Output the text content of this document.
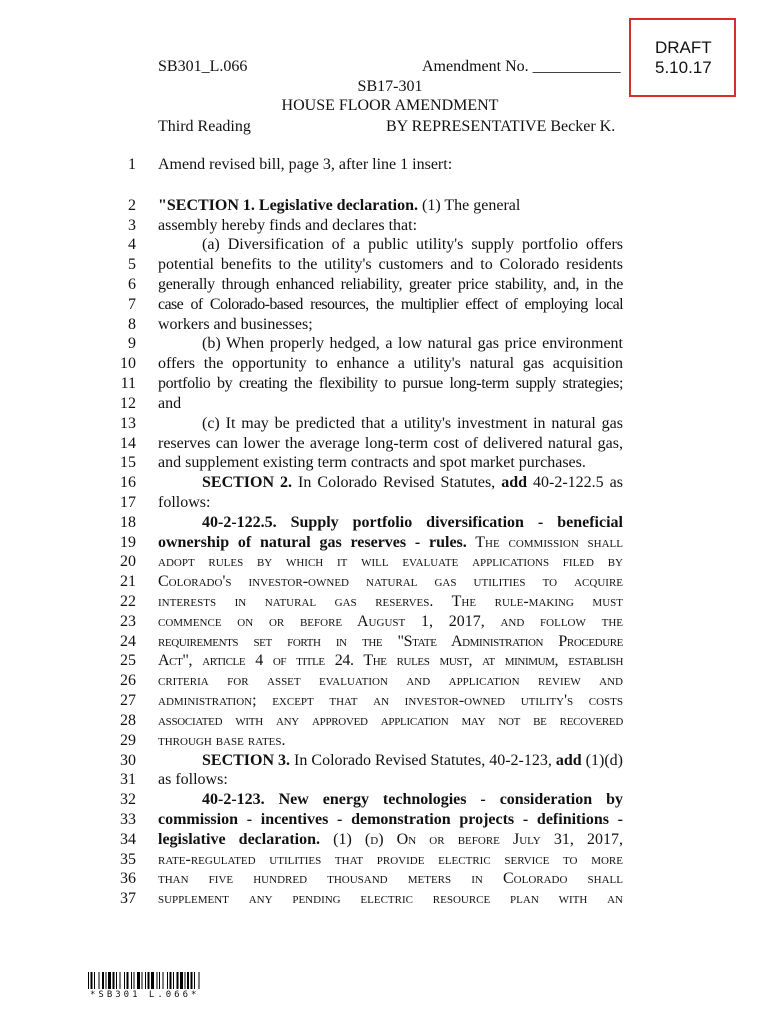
DRAFT
5.10.17
SB301_L.066	Amendment No. ___________
SB17-301
HOUSE FLOOR AMENDMENT
Third Reading	BY REPRESENTATIVE Becker K.
1
2
3
4
5
6
7
8
9
10
11
12
13
14
15
16
17
18
19
20
21
22
23
24
25
26
27
28
29
30
31
32
33
34
35
36
37
Amend revised bill, page 3, after line 1 insert:
"SECTION 1. Legislative declaration. (1) The general
assembly hereby finds and declares that:
(a) Diversification of a public utility's supply portfolio offers
potential benefits to the utility's customers and to Colorado residents
generally through enhanced reliability, greater price stability, and, in the
case of Colorado-based resources, the multiplier effect of employing local
workers and businesses;
(b) When properly hedged, a low natural gas price environment
offers the opportunity to enhance a utility's natural gas acquisition
portfolio by creating the flexibility to pursue long-term supply strategies;
and
(c) It may be predicted that a utility's investment in natural gas
reserves can lower the average long-term cost of delivered natural gas,
and supplement existing term contracts and spot market purchases.
SECTION 2. In Colorado Revised Statutes, add 40-2-122.5 as
follows:
40-2-122.5. Supply portfolio diversification - beneficial
ownership of natural gas reserves - rules. The commission shall
adopt rules by which it will evaluate applications filed by
Colorado's investor-owned natural gas utilities to acquire
interests in natural gas reserves. The rule-making must
commence on or before August 1, 2017, and follow the
requirements set forth in the "State Administration Procedure
Act", article 4 of title 24. The rules must, at minimum, establish
criteria for asset evaluation and application review and
administration; except that an investor-owned utility's costs
associated with any approved application may not be recovered
through base rates.
SECTION 3. In Colorado Revised Statutes, 40-2-123, add (1)(d)
as follows:
40-2-123. New energy technologies - consideration by
commission - incentives - demonstration projects - definitions -
legislative declaration. (1) (d) On or before July 31, 2017,
rate-regulated utilities that provide electric service to more
than five hundred thousand meters in Colorado shall
supplement any pending electric resource plan with an
*SB301 L.066*
